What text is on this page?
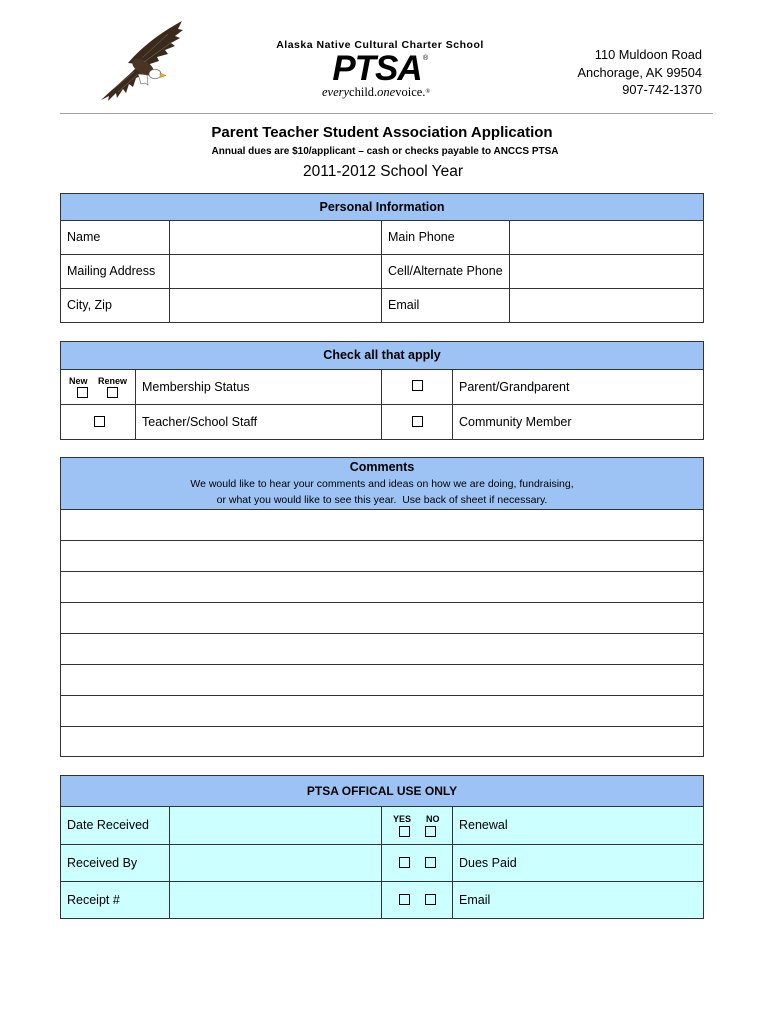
Alaska Native Cultural Charter School
PTSA ®
everychild.onevoice.®
110 Muldoon Road
Anchorage, AK 99504
907-742-1370
Parent Teacher Student Association Application
Annual dues are $10/applicant – cash or checks payable to ANCCS PTSA
2011-2012 School Year
Personal Information
Name	Main Phone
Mailing Address	Cell/Alternate Phone
City, Zip	Email
Check all that apply
New Renew	Membership Status	Parent/Grandparent
Teacher/School Staff	Community Member
Comments
We would like to hear your comments and ideas on how we are doing, fundraising,
or what you would like to see this year.  Use back of sheet if necessary.
PTSA OFFICAL USE ONLY
Date Received	YES NO	Renewal
Received By	Dues Paid
Receipt #	Email
